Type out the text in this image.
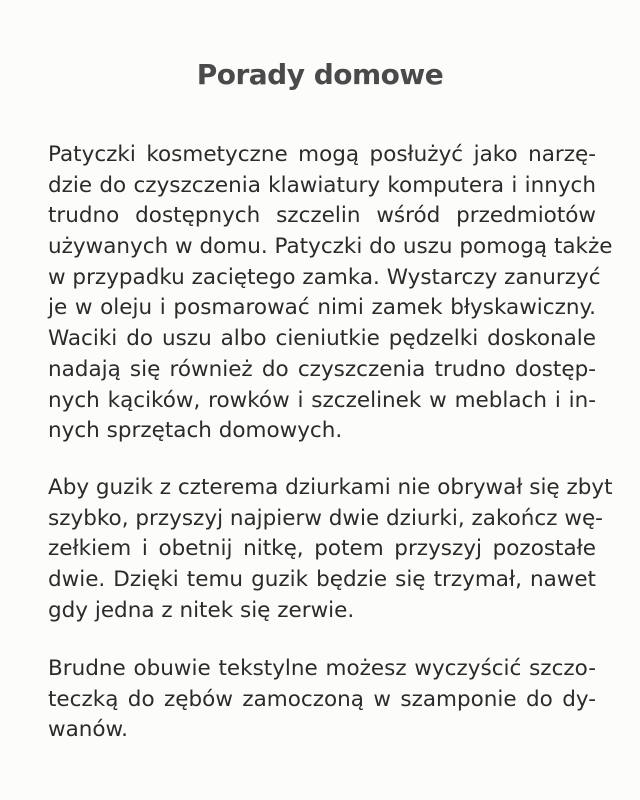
Porady domowe
Patyczki kosmetyczne mogą posłużyć jako narzę-
dzie do czyszczenia klawiatury komputera i innych
trudno dostępnych szczelin wśród przedmiotów
używanych w domu. Patyczki do uszu pomogą także
w przypadku zaciętego zamka. Wystarczy zanurzyć
je w oleju i posmarować nimi zamek błyskawiczny.
Waciki do uszu albo cieniutkie pędzelki doskonale
nadają się również do czyszczenia trudno dostęp-
nych kącików, rowków i szczelinek w meblach i in-
nych sprzętach domowych.
Aby guzik z czterema dziurkami nie obrywał się zbyt
szybko, przyszyj najpierw dwie dziurki, zakończ wę-
zełkiem i obetnij nitkę, potem przyszyj pozostałe
dwie. Dzięki temu guzik będzie się trzymał, nawet
gdy jedna z nitek się zerwie.
Brudne obuwie tekstylne możesz wyczyścić szczo-
teczką do zębów zamoczoną w szamponie do dy-
wanów.
